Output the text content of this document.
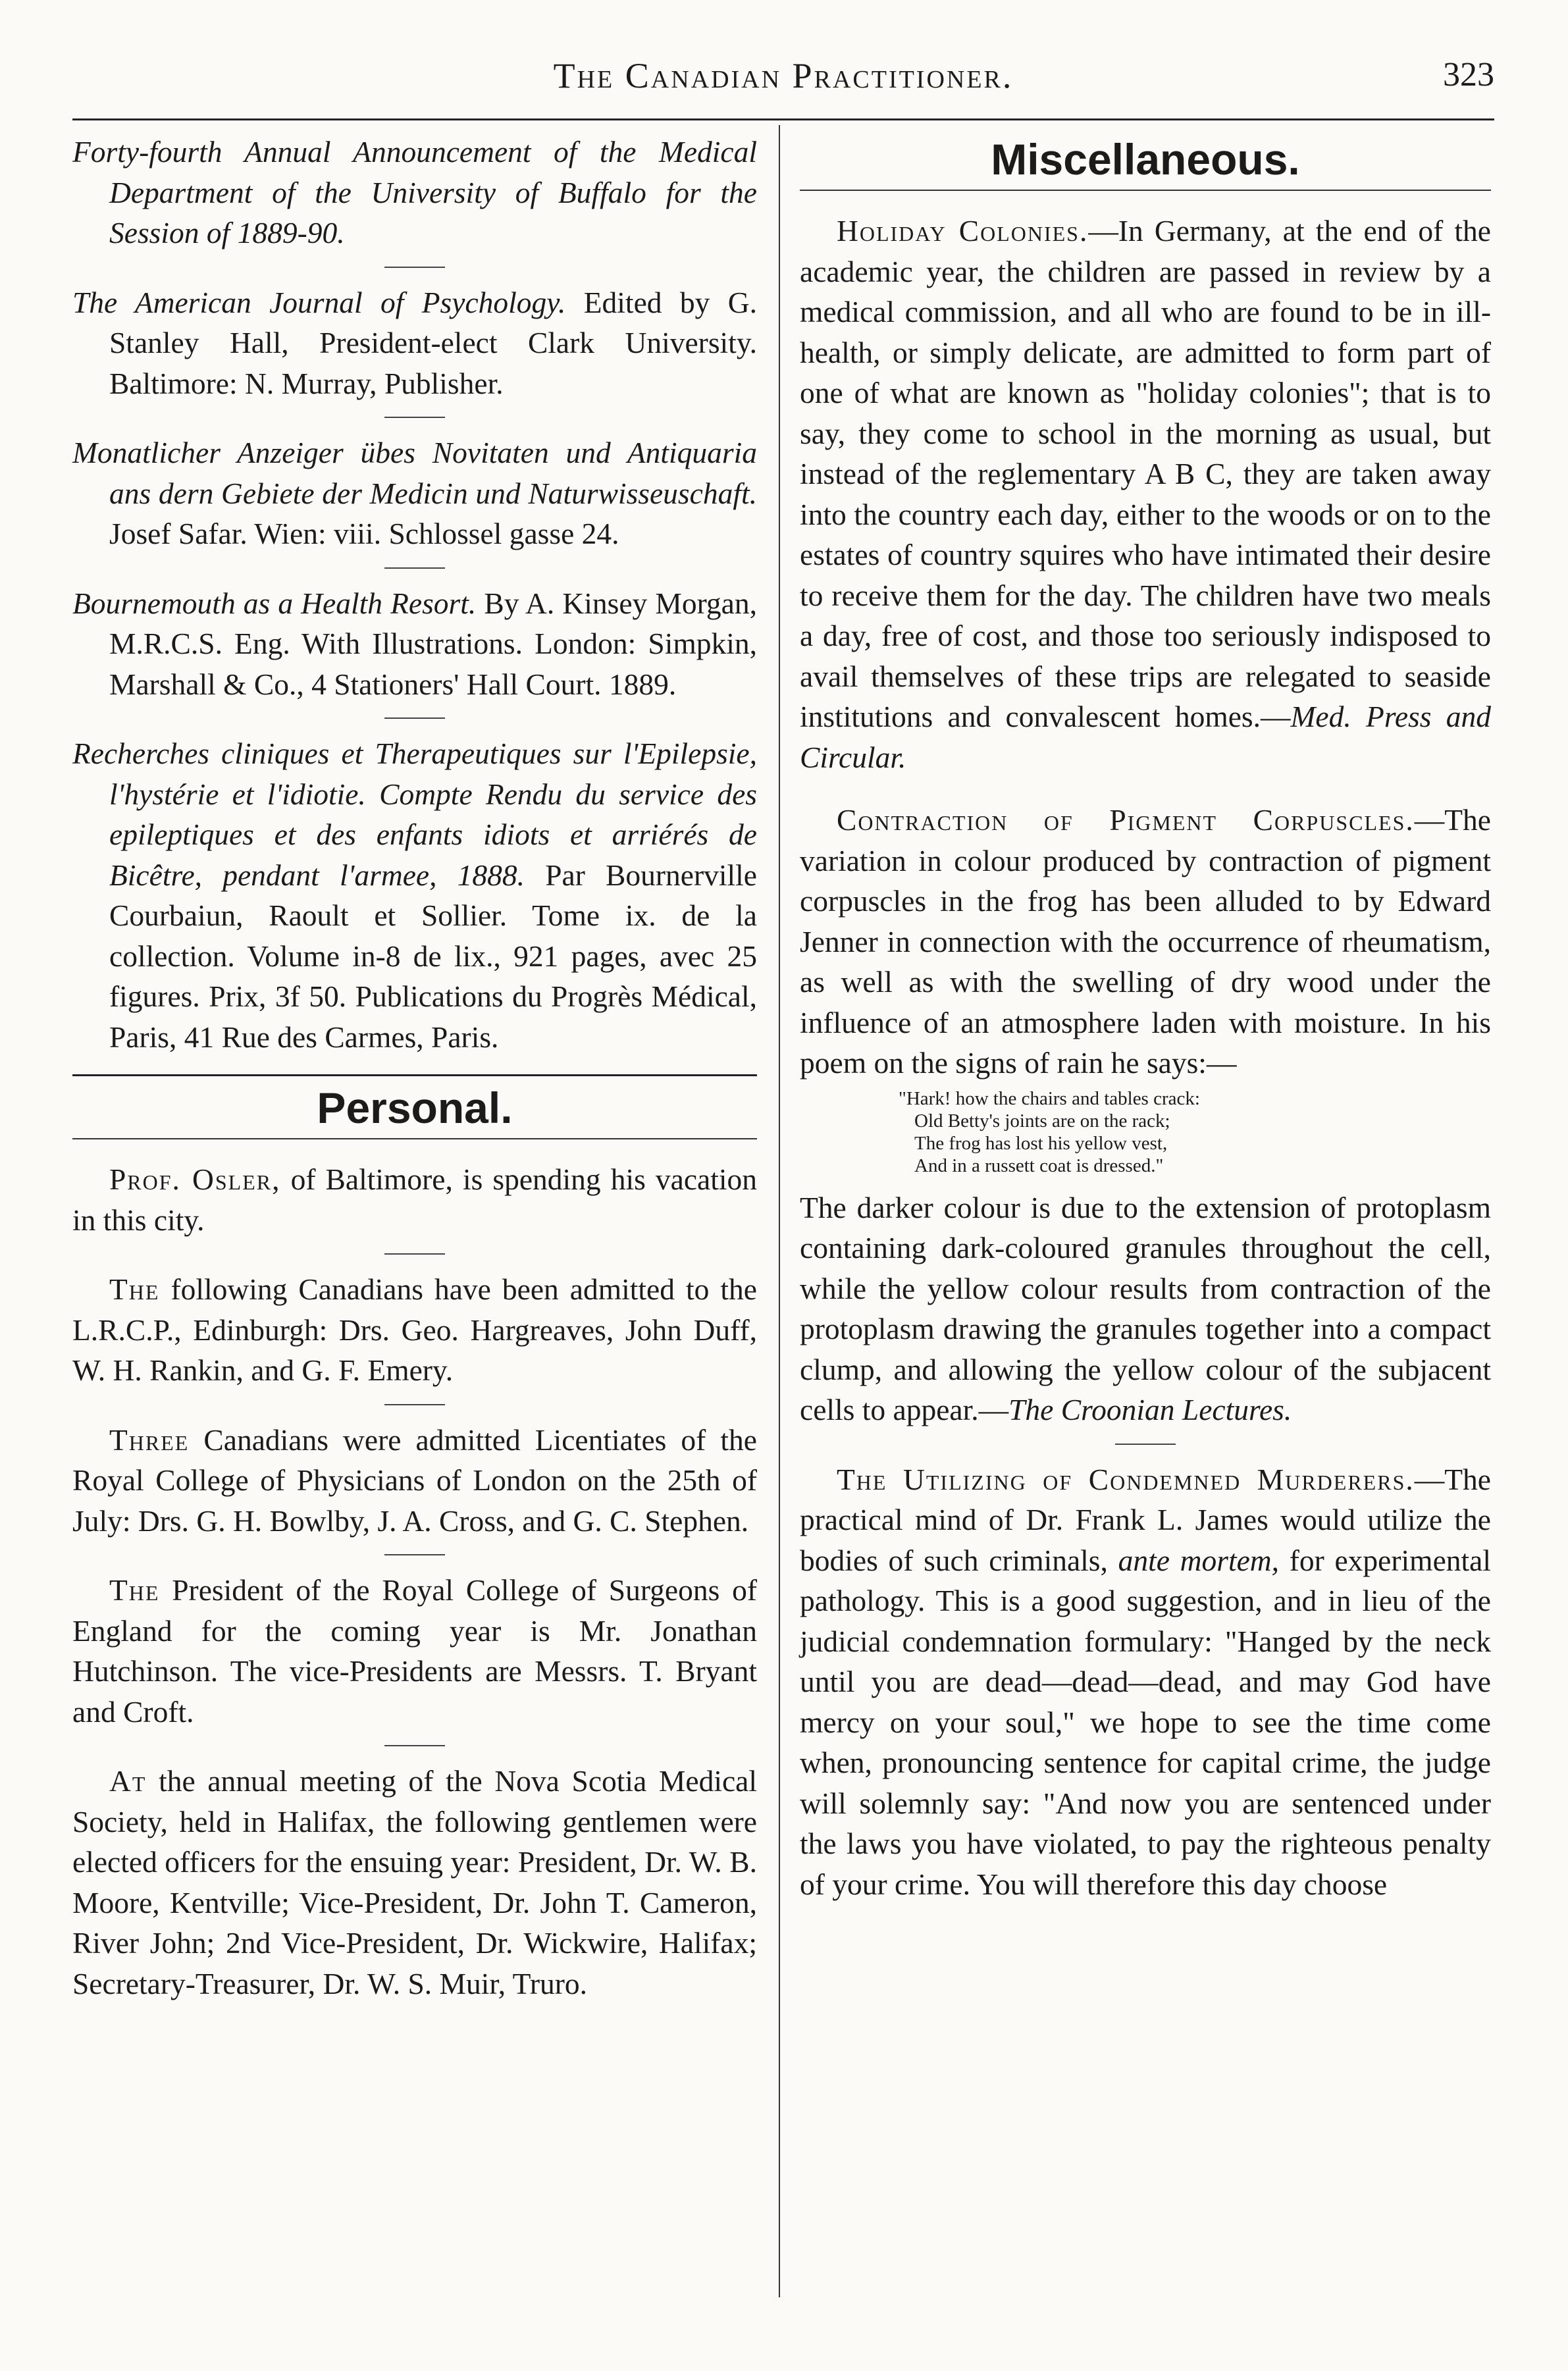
The Canadian Practitioner.	323

Forty-fourth Annual Announcement of the Medical Department of the University of Buffalo for the Session of 1889-90.

The American Journal of Psychology. Edited by G. Stanley Hall, President-elect Clark University. Baltimore: N. Murray, Publisher.

Monatlicher Anzeiger übes Novitaten und Antiquaria ans dern Gebiete der Medicin und Naturwisseuschaft. Josef Safar. Wien: viii. Schlossel gasse 24.

Bournemouth as a Health Resort. By A. Kinsey Morgan, M.R.C.S. Eng. With Illustrations. London: Simpkin, Marshall & Co., 4 Stationers' Hall Court. 1889.

Recherches cliniques et Therapeutiques sur l'Epilepsie, l'hystérie et l'idiotie. Compte Rendu du service des epileptiques et des enfants idiots et arriérés de Bicêtre, pendant l'armee, 1888. Par Bournerville Courbaiun, Raoult et Sollier. Tome ix. de la collection. Volume in-8 de lix., 921 pages, avec 25 figures. Prix, 3f 50. Publications du Progrès Médical, Paris, 41 Rue des Carmes, Paris.

Personal.

Prof. Osler, of Baltimore, is spending his vacation in this city.

The following Canadians have been admitted to the L.R.C.P., Edinburgh: Drs. Geo. Hargreaves, John Duff, W. H. Rankin, and G. F. Emery.

Three Canadians were admitted Licentiates of the Royal College of Physicians of London on the 25th of July: Drs. G. H. Bowlby, J. A. Cross, and G. C. Stephen.

The President of the Royal College of Surgeons of England for the coming year is Mr. Jonathan Hutchinson. The vice-Presidents are Messrs. T. Bryant and Croft.

At the annual meeting of the Nova Scotia Medical Society, held in Halifax, the following gentlemen were elected officers for the ensuing year: President, Dr. W. B. Moore, Kentville; Vice-President, Dr. John T. Cameron, River John; 2nd Vice-President, Dr. Wickwire, Halifax; Secretary-Treasurer, Dr. W. S. Muir, Truro.

Miscellaneous.

Holiday Colonies.—In Germany, at the end of the academic year, the children are passed in review by a medical commission, and all who are found to be in ill-health, or simply delicate, are admitted to form part of one of what are known as "holiday colonies"; that is to say, they come to school in the morning as usual, but instead of the reglementary A B C, they are taken away into the country each day, either to the woods or on to the estates of country squires who have intimated their desire to receive them for the day. The children have two meals a day, free of cost, and those too seriously indisposed to avail themselves of these trips are relegated to seaside institutions and convalescent homes.—Med. Press and Circular.

Contraction of Pigment Corpuscles.—The variation in colour produced by contraction of pigment corpuscles in the frog has been alluded to by Edward Jenner in connection with the occurrence of rheumatism, as well as with the swelling of dry wood under the influence of an atmosphere laden with moisture. In his poem on the signs of rain he says:—

"Hark! how the chairs and tables crack:
Old Betty's joints are on the rack;
The frog has lost his yellow vest,
And in a russett coat is dressed."

The darker colour is due to the extension of protoplasm containing dark-coloured granules throughout the cell, while the yellow colour results from contraction of the protoplasm drawing the granules together into a compact clump, and allowing the yellow colour of the subjacent cells to appear.—The Croonian Lectures.

The Utilizing of Condemned Murderers.—The practical mind of Dr. Frank L. James would utilize the bodies of such criminals, ante mortem, for experimental pathology. This is a good suggestion, and in lieu of the judicial condemnation formulary: "Hanged by the neck until you are dead—dead—dead, and may God have mercy on your soul," we hope to see the time come when, pronouncing sentence for capital crime, the judge will solemnly say: "And now you are sentenced under the laws you have violated, to pay the righteous penalty of your crime. You will therefore this day choose
